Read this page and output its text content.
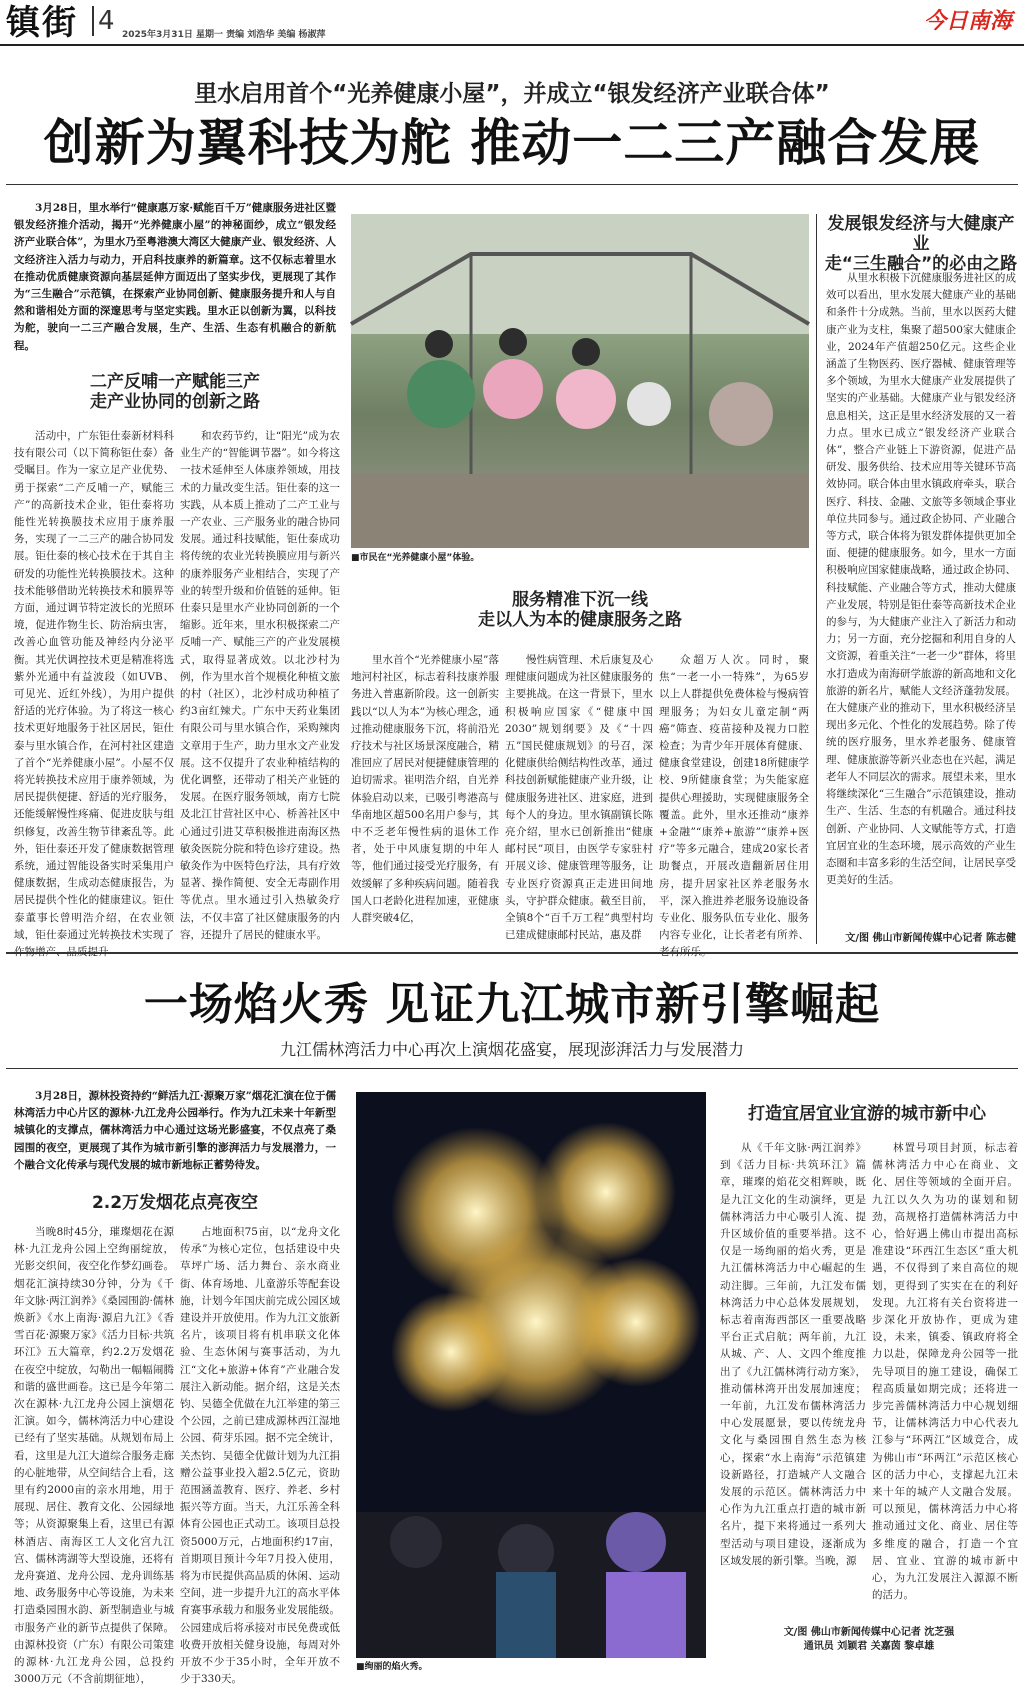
镇街 4 2025年3月31日 星期一 责编 刘浩华 美编 杨淑萍
今日南海
里水启用首个“光养健康小屋”，并成立“银发经济产业联合体”
创新为翼科技为舵 推动一二三产融合发展

3月28日，里水举行“健康惠万家·赋能百千万”健康服务进社区暨银发经济推介活动，揭开“光养健康小屋”的神秘面纱，成立“银发经济产业联合体”，为里水乃至粤港澳大湾区大健康产业、银发经济、人文经济注入活力与动力，开启科技康养的新篇章。这不仅标志着里水在推动优质健康资源向基层延伸方面迈出了坚实步伐，更展现了其作为“三生融合”示范镇，在探索产业协同创新、健康服务提升和人与自然和谐相处方面的深邃思考与坚定实践。里水正以创新为翼，以科技为舵，驶向一二三产融合发展，生产、生活、生态有机融合的新航程。

二产反哺一产赋能三产
走产业协同的创新之路

活动中，广东钜仕泰新材料科技有限公司（以下简称钜仕泰）备受瞩目。作为一家立足产业优势、勇于探索“二产反哺一产，赋能三产”的高新技术企业，钜仕泰将功能性光转换膜技术应用于康养服务，实现了一二三产的融合协同发展。钜仕泰的核心技术在于其自主研发的功能性光转换膜技术。这种技术能够借助光转换技术和膜界等方面，通过调节特定波长的光照环境，促进作物生长、防治病虫害，改善心血管功能及神经内分泌平衡。其光伏调控技术更是精准将选紫外光通中有益波段（如UVB、可见光、近红外线），为用户提供舒适的光疗体验。为了将这一核心技术更好地服务于社区居民，钜仕泰与里水镇合作，在河村社区建造了首个“光养健康小屋”。小屋不仅将光转换技术应用于康养领域，为居民提供便捷、舒适的光疗服务，还能缓解慢性疼痛、促进皮肤与组织修复，改善生物节律紊乱等。此外，钜仕泰还开发了健康数据管理系统，通过智能设备实时采集用户健康数据，生成动态健康报告，为居民提供个性化的健康建议。钜仕泰董事长曾明浩介绍，在农业领域，钜仕泰通过光转换技术实现了

和农药节约，让“阳光”成为农业生产的“智能调节器”。如今将这一技术延伸至人体康养领域，用技术的力量改变生活。钜仕泰的这一实践，从本质上推动了二产工业与一产农业、三产服务业的融合协同发展。通过科技赋能，钜仕泰成功将传统的农业光转换膜应用与新兴的康养服务产业相结合，实现了产业的转型升级和价值链的延伸。钜仕泰只是里水产业协同创新的一个缩影。近年来，里水积极探索二产反哺一产、赋能三产的产业发展模式，取得显著成效。以北沙村为例，作为里水首个规模化种植文旅的村（社区），北沙村成功种植了约3亩红辣犬。广东中天药业集团有限公司与里水镇合作，采购辣肉文章用于生产，助力里水文产业发展。这不仅提升了农业种植结构的优化调整，还带动了相关产业链的发展。在医疗服务领域，南方七院及北江甘营社区中心、桥善社区中心通过引进艾草积极推进南海区热敏灸医院分院和特色诊疗建设。热敏灸作为中医特色疗法，具有疗效显著、操作简便、安全无毒副作用等优点。里水通过引入热敏灸疗法，不仅丰富了社区健康服务的内容，还提升了居民的健康水平。

■市民在“光养健康小屋”体验。
服务精准下沉一线
走以人为本的健康服务之路

里水首个“光养健康小屋”落地河村社区，标志着科技康养服务进入普惠新阶段。这一创新实践以“以人为本”为核心理念，通过推动健康服务下沉，将前沿光疗技术与社区场景深度融合，精准回应了居民对便捷健康管理的迫切需求。崔明浩介绍，自光养体验启动以来，已吸引粤港高与华南地区超500名用户参与，其中不乏老年慢性病的退休工作者，处于中风康复期的中年人等，他们通过接受光疗服务，有效缓解了多种疾病问题。随着我国人口老龄化进程加速，亚健康人群突破4亿，

慢性病管理、术后康复及心理健康问题成为社区健康服务的主要挑战。在这一背景下，里水积极响应国家《“健康中国2030”规划纲要》及《“十四五”国民健康规划》的号召，深化健康供给侧结构性改革，通过科技创新赋能健康产业升级，让健康服务进社区、进家庭，进到每个人的身边。里水镇副镇长陈亮介绍，里水已创新推出“健康邮村民”项目，由医学专家驻村开展义诊、健康管理等服务，让专业医疗资源真正走进田间地头，守护群众健康。截至目前，全镇8个“百千万工程”典型村均已建成健康邮村民站，惠及群

众超万人次。同时，聚焦“一老一小一特殊”，为65岁以上人群提供免费体检与慢病管理服务；为妇女儿童定制“两癌”筛查、疫苗接种及视力口腔检查；为青少年开展体育健康、健康食堂建设，创建18所健康学校、9所健康食堂；为失能家庭提供心理援助，实现健康服务全覆盖。此外，里水还推动“康养+金融”“康养+旅游”“康养+医疗”等多元融合，建成20家长者助餐点，开展改造翻新居住用房，提升居家社区养老服务水平，深入推进养老服务设施设备专业化、服务队伍专业化、服务内容专业化，让长者老有所养、

发展银发经济与大健康产业
走“三生融合”的必由之路

从里水积极下沉健康服务进社区的成效可以看出，里水发展大健康产业的基础和条件十分成熟。当前，里水以医药大健康产业为支柱，集聚了超500家大健康企业，2024年产值超250亿元。这些企业涵盖了生物医药、医疗器械、健康管理等多个领域，为里水大健康产业发展提供了坚实的产业基础。大健康产业与银发经济息息相关，这正是里水经济发展的又一着力点。里水已成立“银发经济产业联合体”，整合产业链上下游资源，促进产品研发、服务供给、技术应用等关键环节高效协同。联合体由里水镇政府牵头，联合医疗、科技、金融、文旅等多领域企事业单位共同参与。通过政企协同、产业融合等方式，联合体将为银发群体提供更加全面、便捷的健康服务。如今，里水一方面积极响应国家健康战略，通过政企协同、科技赋能、产业融合等方式，推动大健康产业发展，特别是钜仕泰等高新技术企业的参与，为大健康产业注入了新活力和动力；另一方面，充分挖掘和利用自身的人文资源，着重关注“一老一少”群体，将里水打造成为南海研学旅游的新高地和文化旅游的新名片，赋能人文经济蓬勃发展。在大健康产业的推动下，里水积极经济呈现出多元化、个性化的发展趋势。除了传统的医疗服务，里水养老服务、健康管理、健康旅游等新兴业态也在兴起，满足老年人不同层次的需求。展望未来，里水将继续深化“三生融合”示范镇建设，推动生产、生活、生态的有机融合。通过科技创新、产业协同、人文赋能等方式，打造宜居宜业的生态环境，展示高效的产业生态圈和丰富多彩的生活空间，让居民享受更美好的生活。

文/图 佛山市新闻传媒中心记者 陈志健
一场焰火秀 见证九江城市新引擎崛起
九江儒林湾活力中心再次上演烟花盛宴，展现澎湃活力与发展潜力

3月28日，源林投资持约“鲜活九江·源聚万家”烟花汇演在位于儒林湾活力中心片区的源林·九江龙舟公园举行。作为九江未来十年新型城镇化的支撑点，儒林湾活力中心通过这场光影盛宴，不仅点亮了桑园围的夜空，更展现了其作为城市新引擎的澎湃活力与发展潜力，一个融合文化传承与现代发展的城市新地标正蓄势待发。

2.2万发烟花点亮夜空

当晚8时45分，璀璨烟花在源林·九江龙舟公园上空绚丽绽放，光影交织间，夜空化作梦幻画卷。烟花汇演持续30分钟，分为《千年文脉·两江润养》《桑园围韵·儒林焕新》《水上南海·源启九江》《香雪百花·源聚万家》《活力目标·共筑环江》五大篇章，约2.2万发烟花在夜空中绽放，勾勒出一幅幅闹腾和谐的盛世画卷。这已是今年第二次在源林·九江龙舟公园上演烟花汇演。如今，儒林湾活力中心建设已经有了坚实基础。从规划布局上看，这里是九江大道综合服务走廊的心脏地带，从空间结合上看，这里有约2000亩的亲水用地，用于展现、居住、教育文化、公园绿地等；从资源聚集上看，这里已有源林酒店、南海区工人文化宫九江宫、儒林湾湖等大型设施，还将有龙舟赛道、龙舟公园、龙舟训练基地、政务服务中心等设施，为未来打造桑园围水韵、新型制造业与城市服务产业的新节点提供了保障。由源林投资（广东）有限公司策建的源林·九江龙舟公园，总投约3000万元（不含前期征地），

占地面积75亩，以“龙舟文化传承”为核心定位，包括建设中央草坪广场、活力舞台、亲水商业街、体育场地、儿童游乐等配套设施，计划今年国庆前完成公园区域建设并开放使用。作为九江文旅新名片，该项目将有机串联文化体验、生态休闲与赛事活动，为九江“文化+旅游+体育”产业融合发展注入新动能。据介绍，这是关杰钧、吴德全优做在九江举建的第三个公园，之前已建成源林西江湿地公园、荷芽乐园。据不完全统计，关杰钧、吴德全优做计划为九江捐赠公益事业投入超2.5亿元，资助范围涵盖教育、医疗、养老、乡村振兴等方面。当天，九江乐善全科体育公园也正式动工。该项目总投资5000万元，占地面积约17亩，首期项目预计今年7月投入使用，将为市民提供高品质的休闲、运动空间，进一步提升九江的高水平体育赛事承载力和服务业发展能级。公园建成后将承接对市民免费或低收费开放相关健身设施，每周对外开放不少于35小时，全年开放不少于330天。

■绚丽的焰火秀。
打造宜居宜业宜游的城市新中心

从《千年文脉·两江润养》到《活力目标·共筑环江》篇章，璀璨的焰花交相辉映，既是九江文化的生动演绎，更是儒林湾活力中心吸引人流、提升区域价值的重要举措。这不仅是一场绚丽的焰火秀，更是九江儒林湾活力中心崛起的生动注脚。三年前，九江发布儒林湾活力中心总体发展规划，标志着南海西部区一重要战略平台正式启航；两年前，九江从城、产、人、文四个维度推出了《九江儒林湾行动方案》，推动儒林湾开出发展加速度；一年前，九江发布儒林湾活力中心发展愿景，要以传统龙舟文化与桑园围自然生态为核心，探索“水上南海”示范镇建设新路径，打造城产人文融合发展的示范区。儒林湾活力中心作为九江重点打造的城市新名片，提下来将通过一系列大型活动与项目建设，逐渐成为区域发展的新引擎。当晚，源

林置号项目封顶，标志着儒林湾活力中心在商业、文化、居住等领域的全面开启。九江以久久为功的谋划和韧劲，高规格打造儒林湾活力中心，恰好遇上佛山市提出高标准建设“环西江生态区”重大机遇，不仅得到了来自高位的规划，更得到了实实在在的利好发现。九江将有关台资将进一步深化开放协作，更成为建设，未来，镇委、镇政府将全力以赴，保障龙舟公园等一批先导项目的施工建设，确保工程高质量如期完成；还将进一步完善儒林湾活力中心规划细节，让儒林湾活力中心代表九江参与“环两江”区域竞合，成为佛山市“环两江”示范区核心区的活力中心，支撑起九江未来十年的城产人文融合发展。可以预见，儒林湾活力中心将推动通过文化、商业、居住等多维度的融合，打造一个宜居、宜业、宜游的城市新中心，为九江发展注入源源不断的活力。

文/图 佛山市新闻传媒中心记者 沈芝强
通讯员 刘颖君 关嘉茵 黎卓雄
